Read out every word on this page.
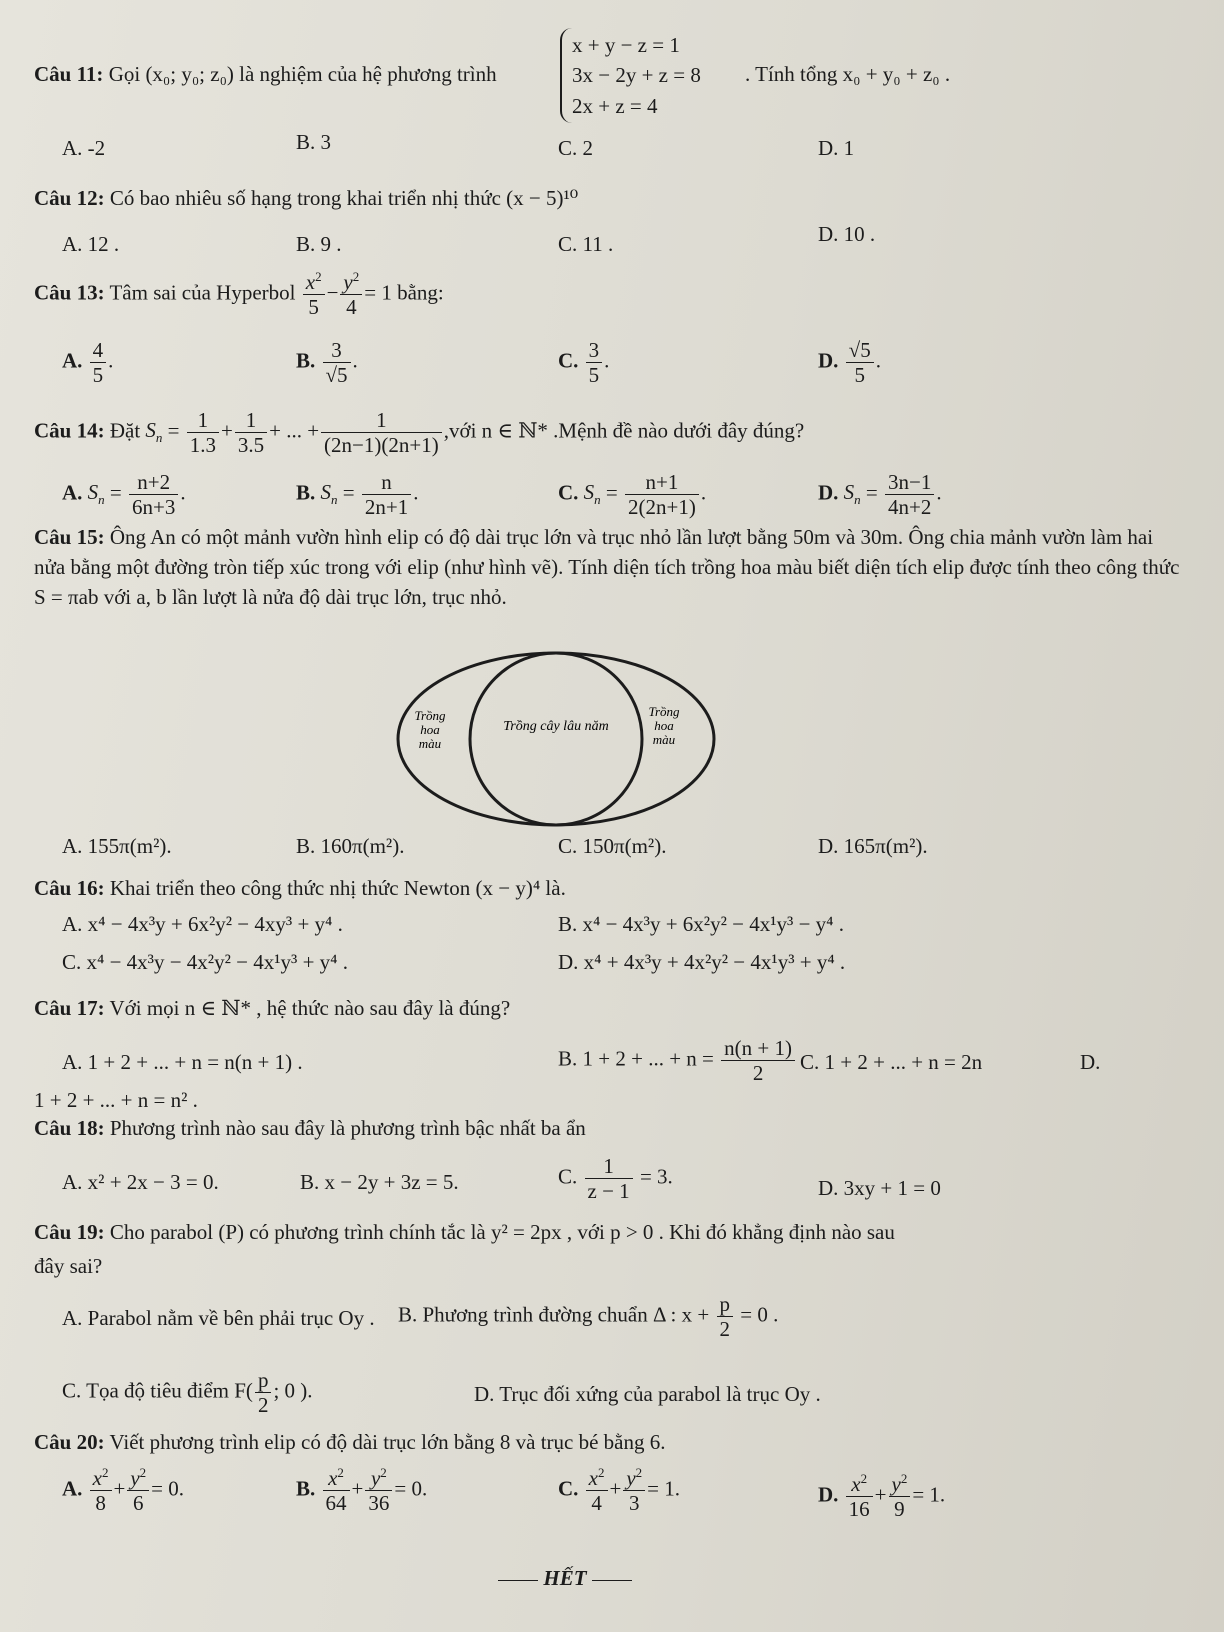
Câu 11: Gọi (x₀; y₀; z₀) là nghiệm của hệ phương trình
x + y − z = 1
3x − 2y + z = 8
2x + z = 4
. Tính tổng x₀ + y₀ + z₀ .
A. -2	B. 3	C. 2	D. 1
Câu 12: Có bao nhiêu số hạng trong khai triển nhị thức (x − 5)¹⁰
A. 12 .	B. 9 .	C. 11 .	D. 10 .
Câu 13: Tâm sai của Hyperbol $\frac{x^2}{5} - \frac{y^2}{4} = 1$ bằng:
A. $\frac{4}{5}$ .	B. $\frac{3}{√5}$ .	C. $\frac{3}{5}$ .	D. $\frac{√5}{5}$ .
Câu 14: Đặt $S_n = \frac{1}{1.3} + \frac{1}{3.5}$ + ... + $\frac{1}{(2n-1)(2n+1)}$ ,với n ∈ ℕ* .Mệnh đề nào dưới đây đúng?
A. $S_n = \frac{n+2}{6n+3}$ .	B. $S_n = \frac{n}{2n+1}$ .	C. $S_n = \frac{n+1}{2(2n+1)}$ .	D. $S_n = \frac{3n-1}{4n+2}$ .
Câu 15: Ông An có một mảnh vườn hình elip có độ dài trục lớn và trục nhỏ lần lượt bằng 50m và 30m. Ông chia mảnh vườn làm hai nửa bằng một đường tròn tiếp xúc trong với elip (như hình vẽ). Tính diện tích trồng hoa màu biết diện tích elip được tính theo công thức S = πab với a, b lần lượt là nửa độ dài trục lớn, trục nhỏ.
Trồng
hoa
màu
Trồng cây lâu năm
Trồng
hoa
màu
A. 155π(m²).	B. 160π(m²).	C. 150π(m²).	D. 165π(m²).
Câu 16: Khai triển theo công thức nhị thức Newton (x − y)⁴ là.
A. x⁴ − 4x³y + 6x²y² − 4xy³ + y⁴ .	B. x⁴ − 4x³y + 6x²y² − 4x¹y³ − y⁴ .
C. x⁴ − 4x³y − 4x²y² − 4x¹y³ + y⁴ .	D. x⁴ + 4x³y + 4x²y² − 4x¹y³ + y⁴ .
Câu 17: Với mọi n ∈ ℕ* , hệ thức nào sau đây là đúng?
A. 1 + 2 + ... + n = n(n + 1) .	B. 1 + 2 + ... + $n = \frac{n(n + 1)}{2} C$. 1 + 2 + ... + n = 2n	D.
1 + 2 + ... + n = n² .
Câu 18: Phương trình nào sau đây là phương trình bậc nhất ba ẩn
A. x² + 2x − 3 = 0.	B. x − 2y + 3z = 5.	C. $\frac{1}{z - 1} = 3$.	D. 3xy + 1 = 0
Câu 19: Cho parabol (P) có phương trình chính tắc là y² = 2px , với p > 0 . Khi đó khẳng định nào sau
đây sai?
A. Parabol nằm về bên phải trục Oy . B. Phương trình đường chuẩn Δ : $x + \frac{p}{2} = 0$ .
C. Tọa độ tiêu điểm $F( \frac{p}{2}$ ; 0 ).	D. Trục đối xứng của parabol là trục Oy .
Câu 20: Viết phương trình elip có độ dài trục lớn bằng 8 và trục bé bằng 6.
A. $\frac{x^2}{8} + \frac{y^2}{6} = 0$.	B. $\frac{x^2}{64} + \frac{y^2}{36} = 0$.	C. $\frac{x^2}{4} + \frac{y^2}{3} = 1$.	D. $\frac{x^2}{16} + \frac{y^2}{9} = 1$.
HẾT
